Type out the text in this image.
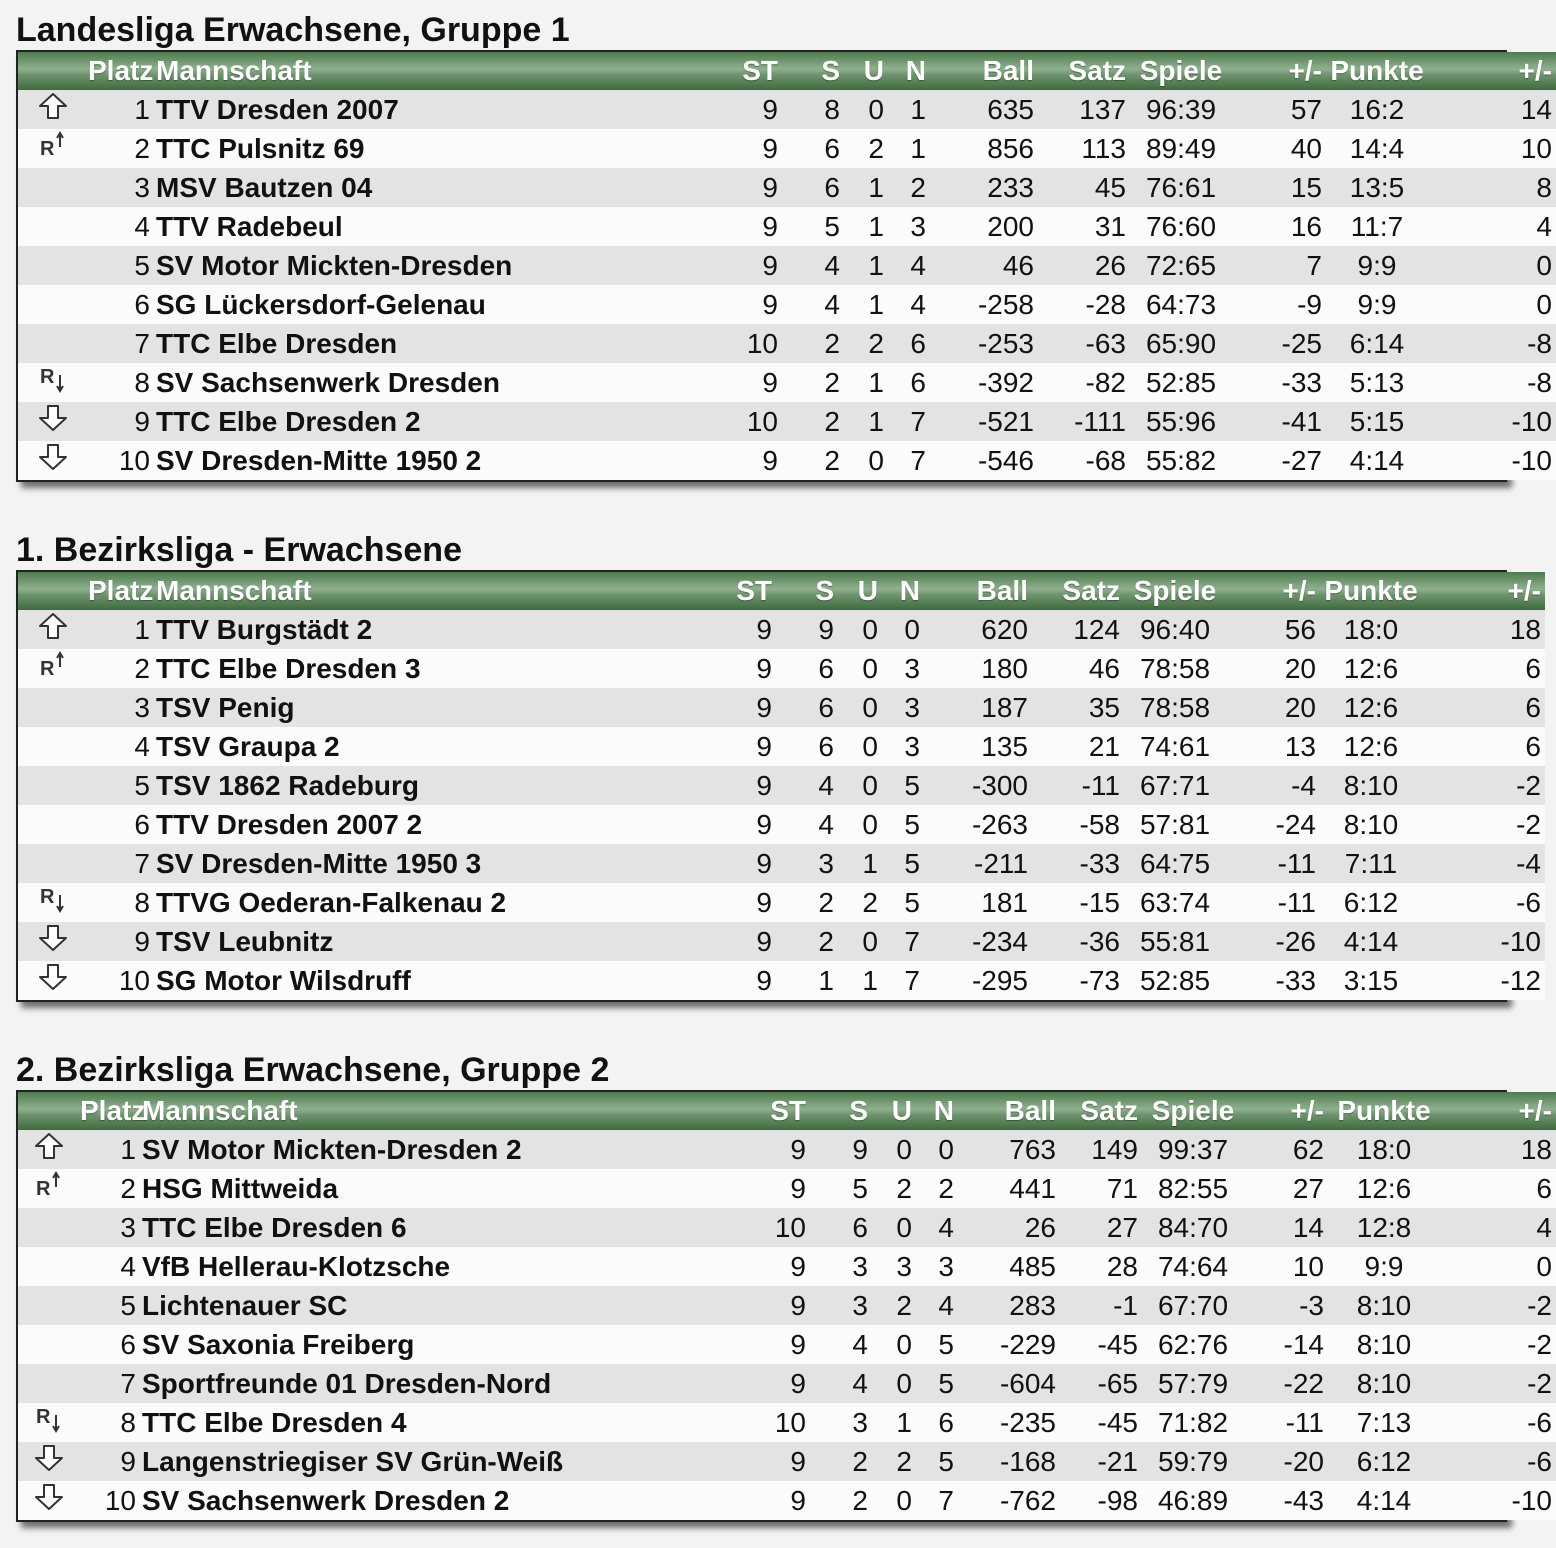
Landesliga Erwachsene, Gruppe 1
	Platz	Mannschaft	ST	S	U	N	Ball	Satz	Spiele	+/-	Punkte	+/-
	1	TTV Dresden 2007	9	8	0	1	635	137	96:39	57	16:2	14

R	2	TTC Pulsnitz 69	9	6	2	1	856	113	89:49	40	14:4	10
	3	MSV Bautzen 04	9	6	1	2	233	45	76:61	15	13:5	8
	4	TTV Radebeul	9	5	1	3	200	31	76:60	16	11:7	4
	5	SV Motor Mickten-Dresden	9	4	1	4	46	26	72:65	7	9:9	0
	6	SG Lückersdorf-Gelenau	9	4	1	4	-258	-28	64:73	-9	9:9	0
	7	TTC Elbe Dresden	10	2	2	6	-253	-63	65:90	-25	6:14	-8

R	8	SV Sachsenwerk Dresden	9	2	1	6	-392	-82	52:85	-33	5:13	-8
	9	TTC Elbe Dresden 2	10	2	1	7	-521	-111	55:96	-41	5:15	-10
	10	SV Dresden-Mitte 1950 2	9	2	0	7	-546	-68	55:82	-27	4:14	-10
1. Bezirksliga - Erwachsene
	Platz	Mannschaft	ST	S	U	N	Ball	Satz	Spiele	+/-	Punkte	+/-
	1	TTV Burgstädt 2	9	9	0	0	620	124	96:40	56	18:0	18

R	2	TTC Elbe Dresden 3	9	6	0	3	180	46	78:58	20	12:6	6
	3	TSV Penig	9	6	0	3	187	35	78:58	20	12:6	6
	4	TSV Graupa 2	9	6	0	3	135	21	74:61	13	12:6	6
	5	TSV 1862 Radeburg	9	4	0	5	-300	-11	67:71	-4	8:10	-2
	6	TTV Dresden 2007 2	9	4	0	5	-263	-58	57:81	-24	8:10	-2
	7	SV Dresden-Mitte 1950 3	9	3	1	5	-211	-33	64:75	-11	7:11	-4

R	8	TTVG Oederan-Falkenau 2	9	2	2	5	181	-15	63:74	-11	6:12	-6
	9	TSV Leubnitz	9	2	0	7	-234	-36	55:81	-26	4:14	-10
	10	SG Motor Wilsdruff	9	1	1	7	-295	-73	52:85	-33	3:15	-12
2. Bezirksliga Erwachsene, Gruppe 2
	Platz	Mannschaft	ST	S	U	N	Ball	Satz	Spiele	+/-	Punkte	+/-
	1	SV Motor Mickten-Dresden 2	9	9	0	0	763	149	99:37	62	18:0	18

R	2	HSG Mittweida	9	5	2	2	441	71	82:55	27	12:6	6
	3	TTC Elbe Dresden 6	10	6	0	4	26	27	84:70	14	12:8	4
	4	VfB Hellerau-Klotzsche	9	3	3	3	485	28	74:64	10	9:9	0
	5	Lichtenauer SC	9	3	2	4	283	-1	67:70	-3	8:10	-2
	6	SV Saxonia Freiberg	9	4	0	5	-229	-45	62:76	-14	8:10	-2
	7	Sportfreunde 01 Dresden-Nord	9	4	0	5	-604	-65	57:79	-22	8:10	-2

R	8	TTC Elbe Dresden 4	10	3	1	6	-235	-45	71:82	-11	7:13	-6
	9	Langenstriegiser SV Grün-Weiß	9	2	2	5	-168	-21	59:79	-20	6:12	-6
	10	SV Sachsenwerk Dresden 2	9	2	0	7	-762	-98	46:89	-43	4:14	-10
